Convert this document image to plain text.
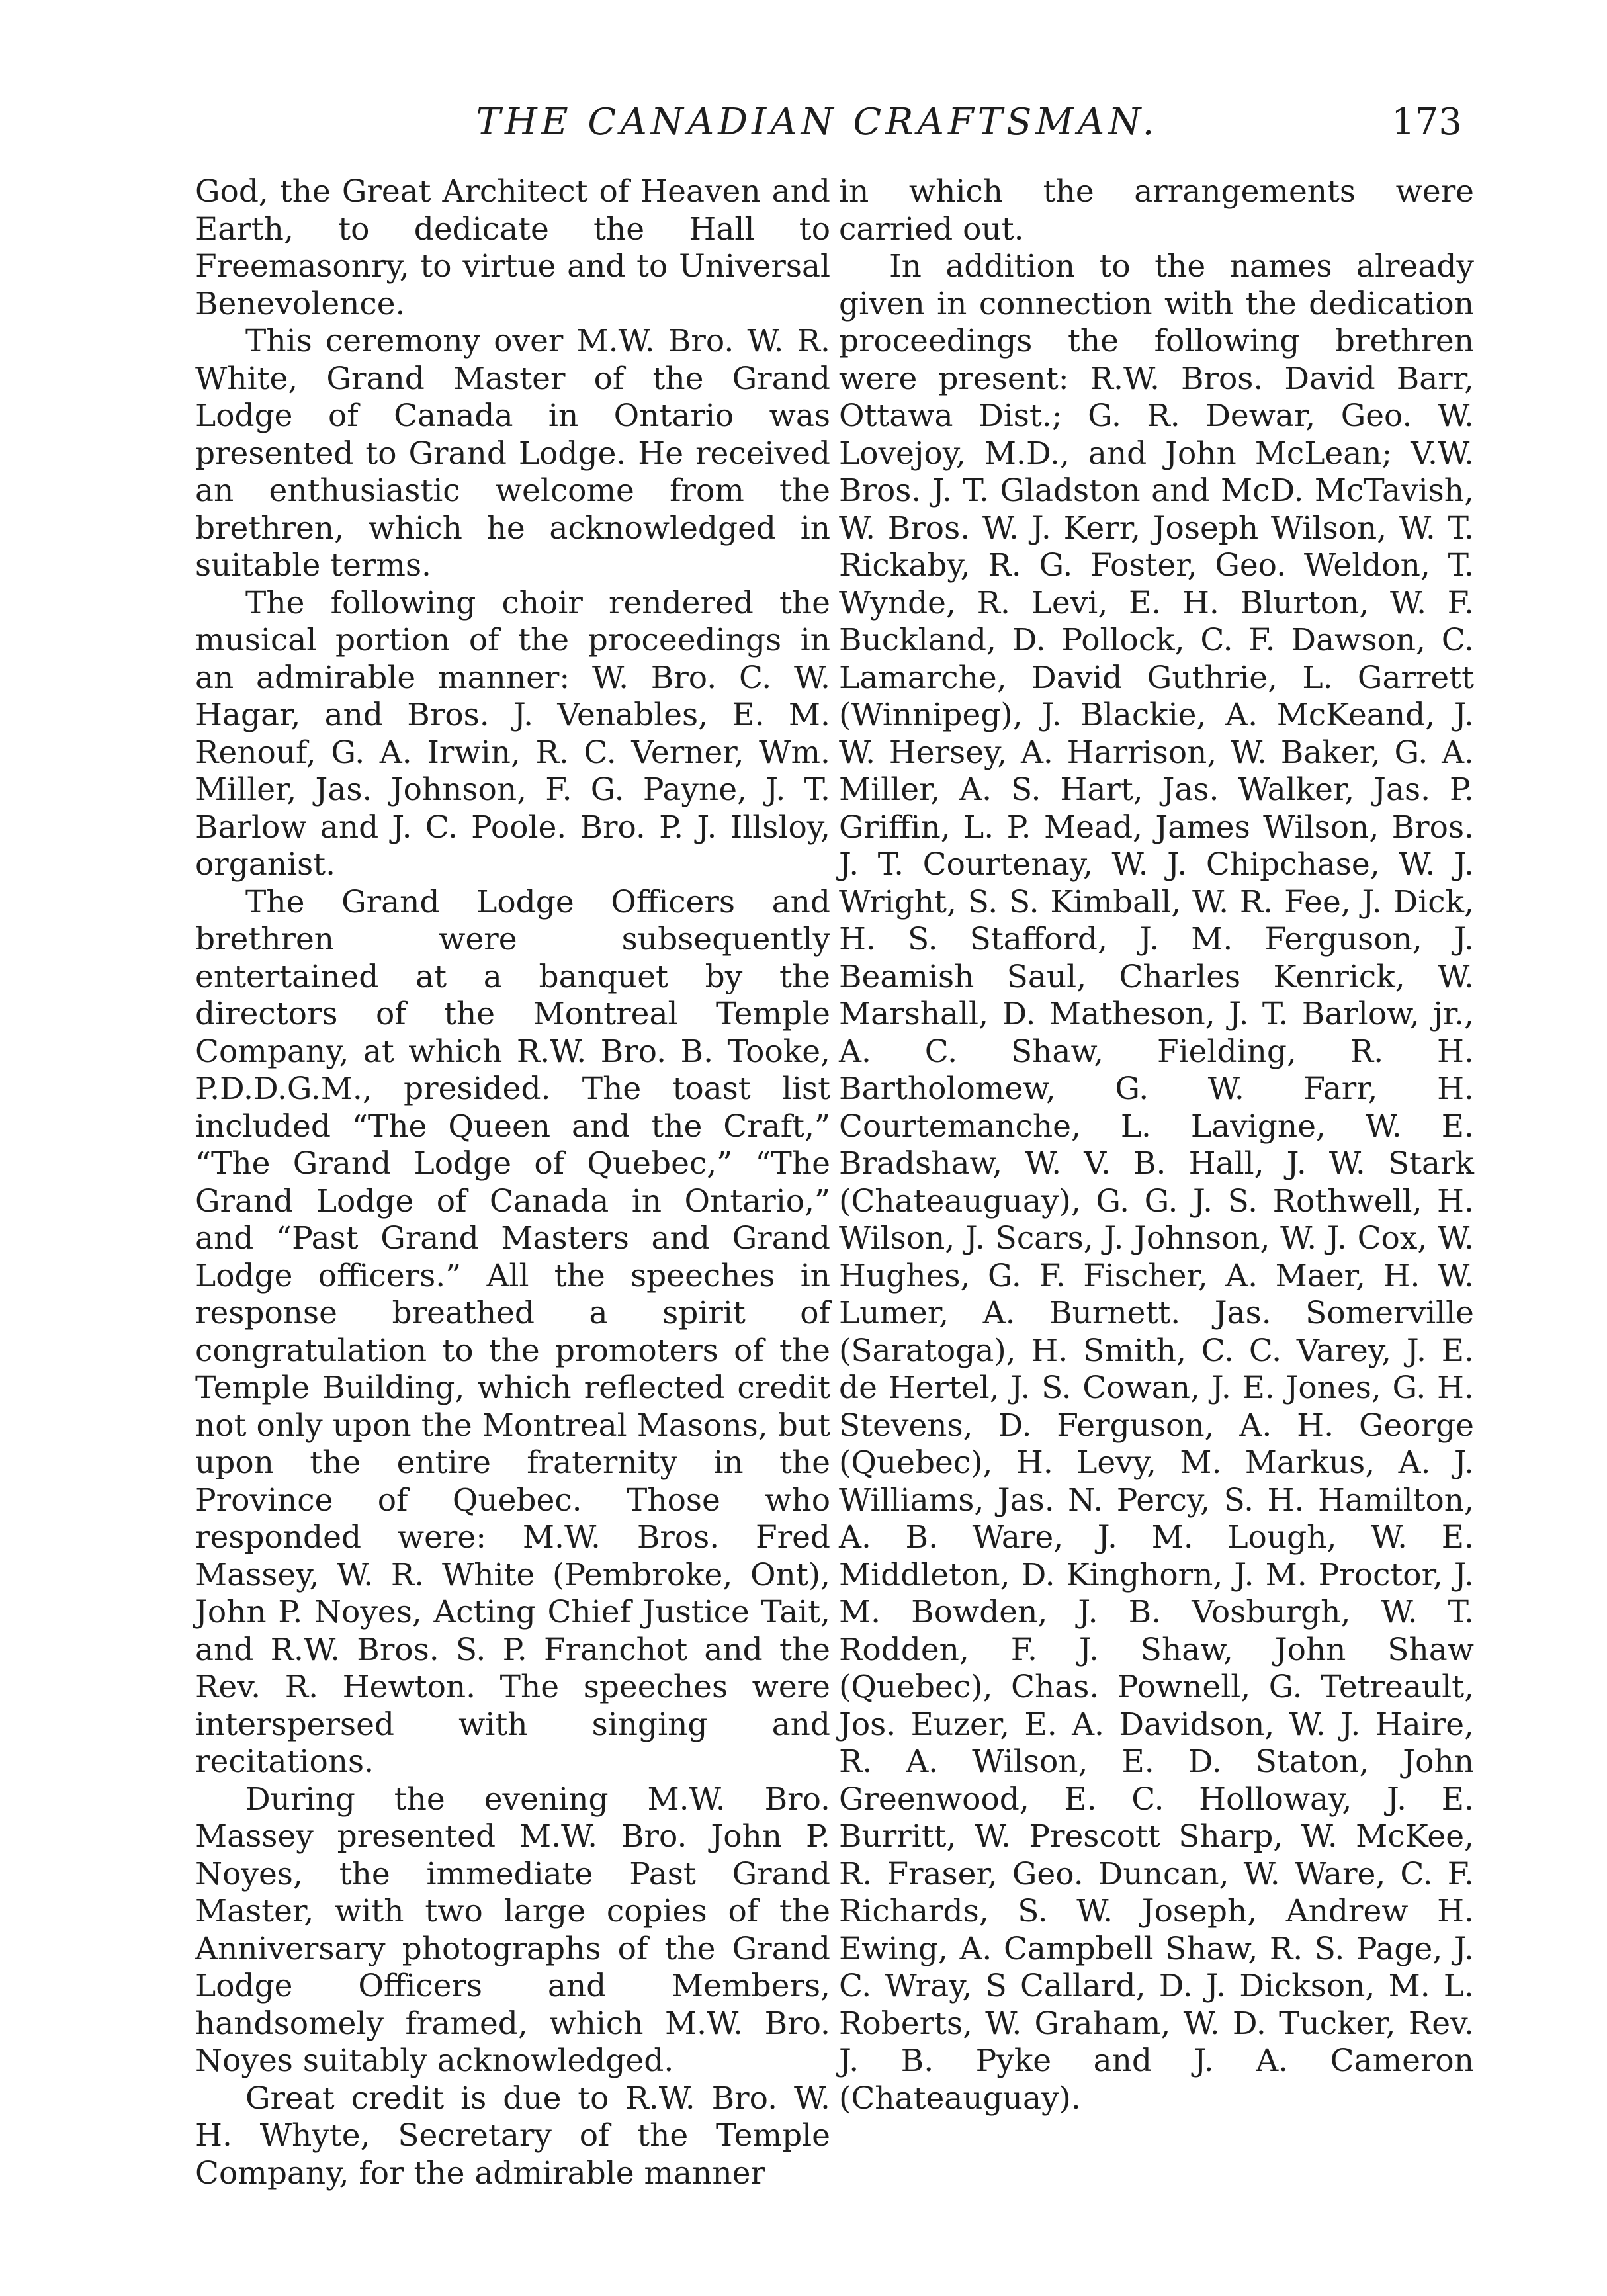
THE CANADIAN CRAFTSMAN.	173

God, the Great Architect of Heaven and Earth, to dedicate the Hall to Freemasonry, to virtue and to Universal Benevolence.

This ceremony over M.W. Bro. W. R. White, Grand Master of the Grand Lodge of Canada in Ontario was presented to Grand Lodge. He received an enthusiastic welcome from the brethren, which he acknowledged in suitable terms.

The following choir rendered the musical portion of the proceedings in an admirable manner: W. Bro. C. W. Hagar, and Bros. J. Venables, E. M. Renouf, G. A. Irwin, R. C. Verner, Wm. Miller, Jas. Johnson, F. G. Payne, J. T. Barlow and J. C. Poole. Bro. P. J. Illsloy, organist.

The Grand Lodge Officers and brethren were subsequently entertained at a banquet by the directors of the Montreal Temple Company, at which R.W. Bro. B. Tooke, P.D.D.G.M., presided. The toast list included “The Queen and the Craft,” “The Grand Lodge of Quebec,” “The Grand Lodge of Canada in Ontario,” and “Past Grand Masters and Grand Lodge officers.” All the speeches in response breathed a spirit of congratulation to the promoters of the Temple Building, which reflected credit not only upon the Montreal Masons, but upon the entire fraternity in the Province of Quebec. Those who responded were: M.W. Bros. Fred Massey, W. R. White (Pembroke, Ont), John P. Noyes, Acting Chief Justice Tait, and R.W. Bros. S. P. Franchot and the Rev. R. Hewton. The speeches were interspersed with singing and recitations.

During the evening M.W. Bro. Massey presented M.W. Bro. John P. Noyes, the immediate Past Grand Master, with two large copies of the Anniversary photographs of the Grand Lodge Officers and Members, handsomely framed, which M.W. Bro. Noyes suitably acknowledged.

Great credit is due to R.W. Bro. W. H. Whyte, Secretary of the Temple Company, for the admirable manner

in which the arrangements were carried out.

In addition to the names already given in connection with the dedication proceedings the following brethren were present: R.W. Bros. David Barr, Ottawa Dist.; G. R. Dewar, Geo. W. Lovejoy, M.D., and John McLean; V.W. Bros. J. T. Gladston and McD. McTavish, W. Bros. W. J. Kerr, Joseph Wilson, W. T. Rickaby, R. G. Foster, Geo. Weldon, T. Wynde, R. Levi, E. H. Blurton, W. F. Buckland, D. Pollock, C. F. Dawson, C. Lamarche, David Guthrie, L. Garrett (Winnipeg), J. Blackie, A. McKeand, J. W. Hersey, A. Harrison, W. Baker, G. A. Miller, A. S. Hart, Jas. Walker, Jas. P. Griffin, L. P. Mead, James Wilson, Bros. J. T. Courtenay, W. J. Chipchase, W. J. Wright, S. S. Kimball, W. R. Fee, J. Dick, H. S. Stafford, J. M. Ferguson, J. Beamish Saul, Charles Kenrick, W. Marshall, D. Matheson, J. T. Barlow, jr., A. C. Shaw, Fielding, R. H. Bartholomew, G. W. Farr, H. Courtemanche, L. Lavigne, W. E. Bradshaw, W. V. B. Hall, J. W. Stark (Chateauguay), G. G. J. S. Rothwell, H. Wilson, J. Scars, J. Johnson, W. J. Cox, W. Hughes, G. F. Fischer, A. Maer, H. W. Lumer, A. Burnett. Jas. Somerville (Saratoga), H. Smith, C. C. Varey, J. E. de Hertel, J. S. Cowan, J. E. Jones, G. H. Stevens, D. Ferguson, A. H. George (Quebec), H. Levy, M. Markus, A. J. Williams, Jas. N. Percy, S. H. Hamilton, A. B. Ware, J. M. Lough, W. E. Middleton, D. Kinghorn, J. M. Proctor, J. M. Bowden, J. B. Vosburgh, W. T. Rodden, F. J. Shaw, John Shaw (Quebec), Chas. Pownell, G. Tetreault, Jos. Euzer, E. A. Davidson, W. J. Haire, R. A. Wilson, E. D. Staton, John Greenwood, E. C. Holloway, J. E. Burritt, W. Prescott Sharp, W. McKee, R. Fraser, Geo. Duncan, W. Ware, C. F. Richards, S. W. Joseph, Andrew H. Ewing, A. Campbell Shaw, R. S. Page, J. C. Wray, S Callard, D. J. Dickson, M. L. Roberts, W. Graham, W. D. Tucker, Rev. J. B. Pyke and J. A. Cameron (Chateauguay).
